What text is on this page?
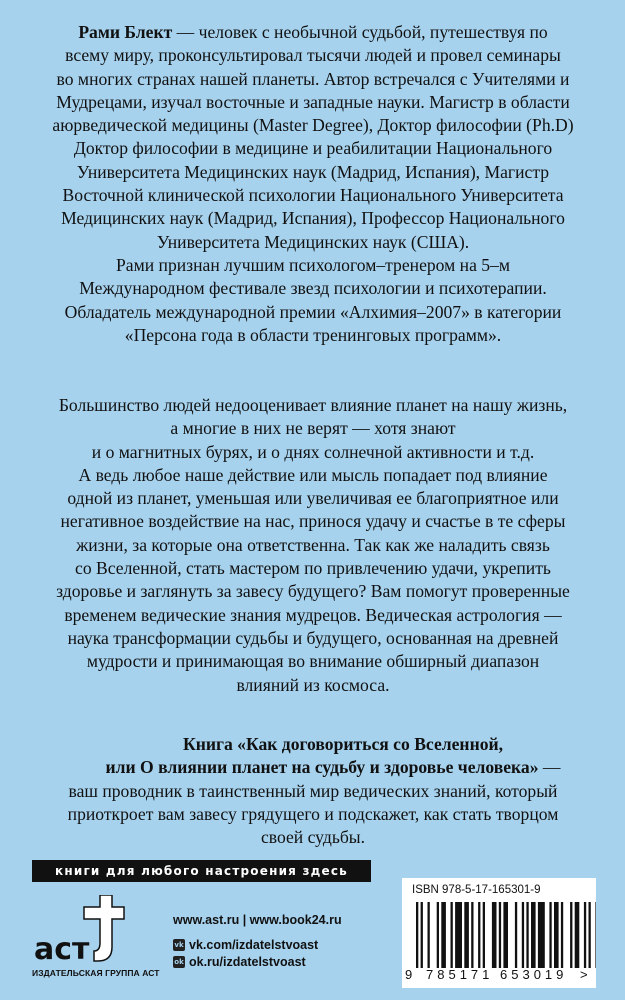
Рами Блект — человек с необычной судьбой, путешествуя по
всему миру, проконсультировал тысячи людей и провел семинары
во многих странах нашей планеты. Автор встречался с Учителями и
Мудрецами, изучал восточные и западные науки. Магистр в области
аюрведической медицины (Master Degree), Доктор философии (Ph.D)
Доктор философии в медицине и реабилитации Национального
Университета Медицинских наук (Мадрид, Испания), Магистр
Восточной клинической психологии Национального Университета
Медицинских наук (Мадрид, Испания), Профессор Национального
Университета Медицинских наук (США).
Рами признан лучшим психологом–тренером на 5–м
Международном фестивале звезд психологии и психотерапии.
Обладатель международной премии «Алхимия–2007» в категории
«Персона года в области тренинговых программ».
Большинство людей недооценивает влияние планет на нашу жизнь,
а многие в них не верят — хотя знают
и о магнитных бурях, и о днях солнечной активности и т.д.
А ведь любое наше действие или мысль попадает под влияние
одной из планет, уменьшая или увеличивая ее благоприятное или
негативное воздействие на нас, принося удачу и счастье в те сферы
жизни, за которые она ответственна. Так как же наладить связь
со Вселенной, стать мастером по привлечению удачи, укрепить
здоровье и заглянуть за завесу будущего? Вам помогут проверенные
временем ведические знания мудрецов. Ведическая астрология —
наука трансформации судьбы и будущего, основанная на древней
мудрости и принимающая во внимание обширный диапазон
влияний из космоса.
Книга «Как договориться со Вселенной,
или О влиянии планет на судьбу и здоровье человека» —
ваш проводник в таинственный мир ведических знаний, который
приоткроет вам завесу грядущего и подскажет, как стать творцом
своей судьбы.
книги для любого настроения здесь
аст
ИЗДАТЕЛЬСКАЯ ГРУППА АСТ
www.ast.ru | www.book24.ru
vk vk.com/izdatelstvoast
ok ok.ru/izdatelstvoast
ISBN 978-5-17-165301-9
9 785171 653019 >
